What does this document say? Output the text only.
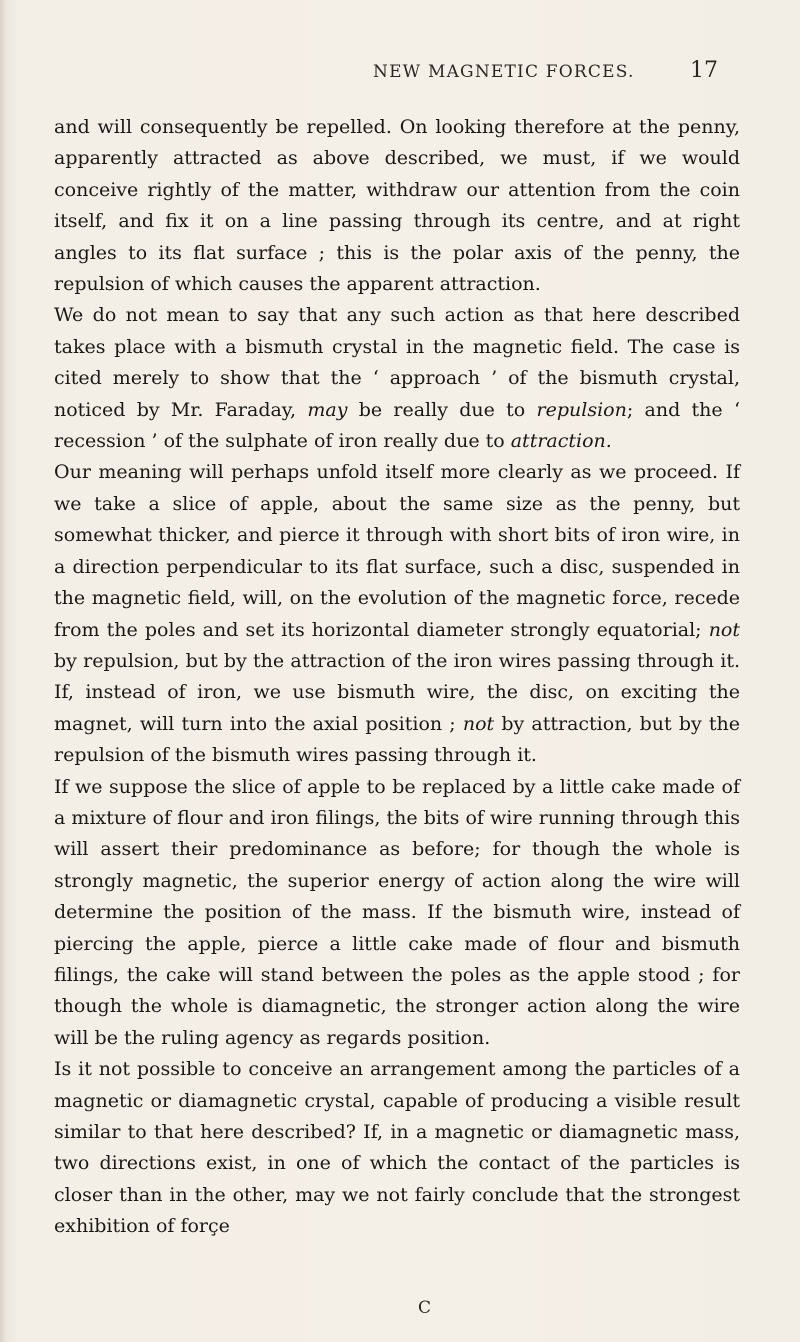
NEW MAGNETIC FORCES.	17

and will consequently be repelled. On looking therefore at the penny, apparently attracted as above described, we must, if we would conceive rightly of the matter, withdraw our attention from the coin itself, and fix it on a line passing through its centre, and at right angles to its flat surface ; this is the polar axis of the penny, the repulsion of which causes the apparent attraction.

We do not mean to say that any such action as that here described takes place with a bismuth crystal in the magnetic field. The case is cited merely to show that the ‘ approach ’ of the bismuth crystal, noticed by Mr. Faraday, may be really due to repulsion; and the ‘ recession ’ of the sulphate of iron really due to attraction.

Our meaning will perhaps unfold itself more clearly as we proceed. If we take a slice of apple, about the same size as the penny, but somewhat thicker, and pierce it through with short bits of iron wire, in a direction perpendicular to its flat surface, such a disc, suspended in the magnetic field, will, on the evolution of the magnetic force, recede from the poles and set its horizontal diameter strongly equatorial; not by repulsion, but by the attraction of the iron wires passing through it. If, instead of iron, we use bismuth wire, the disc, on exciting the magnet, will turn into the axial position ; not by attraction, but by the repulsion of the bismuth wires passing through it.

If we suppose the slice of apple to be replaced by a little cake made of a mixture of flour and iron filings, the bits of wire running through this will assert their predominance as before; for though the whole is strongly magnetic, the superior energy of action along the wire will determine the position of the mass. If the bismuth wire, instead of piercing the apple, pierce a little cake made of flour and bismuth filings, the cake will stand between the poles as the apple stood ; for though the whole is diamagnetic, the stronger action along the wire will be the ruling agency as regards position.

Is it not possible to conceive an arrangement among the particles of a magnetic or diamagnetic crystal, capable of producing a visible result similar to that here described? If, in a magnetic or diamagnetic mass, two directions exist, in one of which the contact of the particles is closer than in the other, may we not fairly conclude that the strongest exhibition of forçe

C
